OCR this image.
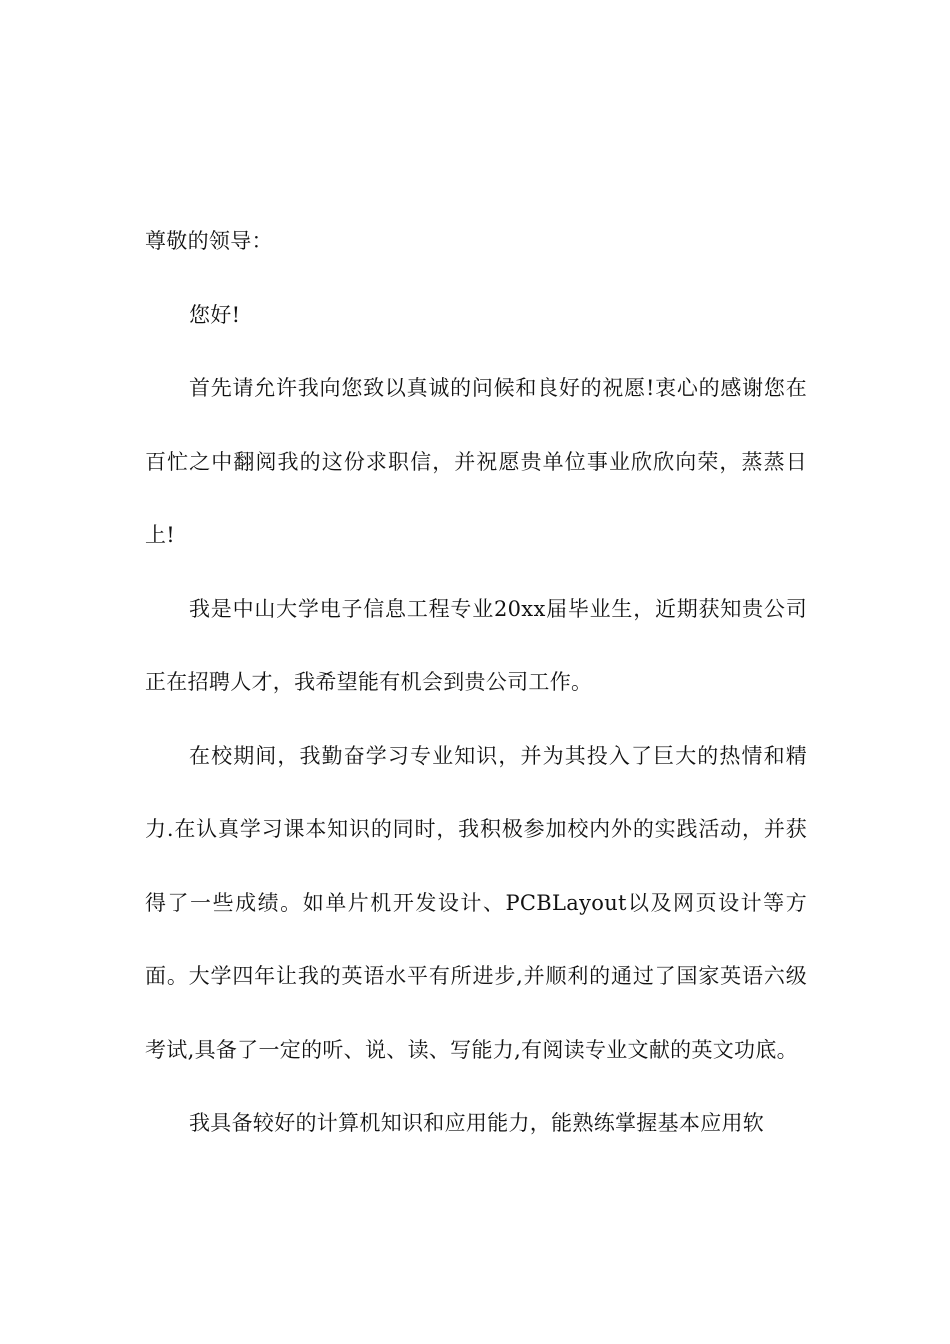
尊敬的领导：

您好!

首先请允许我向您致以真诚的问候和良好的祝愿!衷心的感谢您在百忙之中翻阅我的这份求职信，并祝愿贵单位事业欣欣向荣，蒸蒸日上!

我是中山大学电子信息工程专业20xx届毕业生，近期获知贵公司正在招聘人才，我希望能有机会到贵公司工作。

在校期间，我勤奋学习专业知识，并为其投入了巨大的热情和精力.在认真学习课本知识的同时，我积极参加校内外的实践活动，并获得了一些成绩。如单片机开发设计、PCBLayout以及网页设计等方面。大学四年让我的英语水平有所进步,并顺利的通过了国家英语六级考试,具备了一定的听、说、读、写能力,有阅读专业文献的英文功底。

我具备较好的计算机知识和应用能力，能熟练掌握基本应用软
